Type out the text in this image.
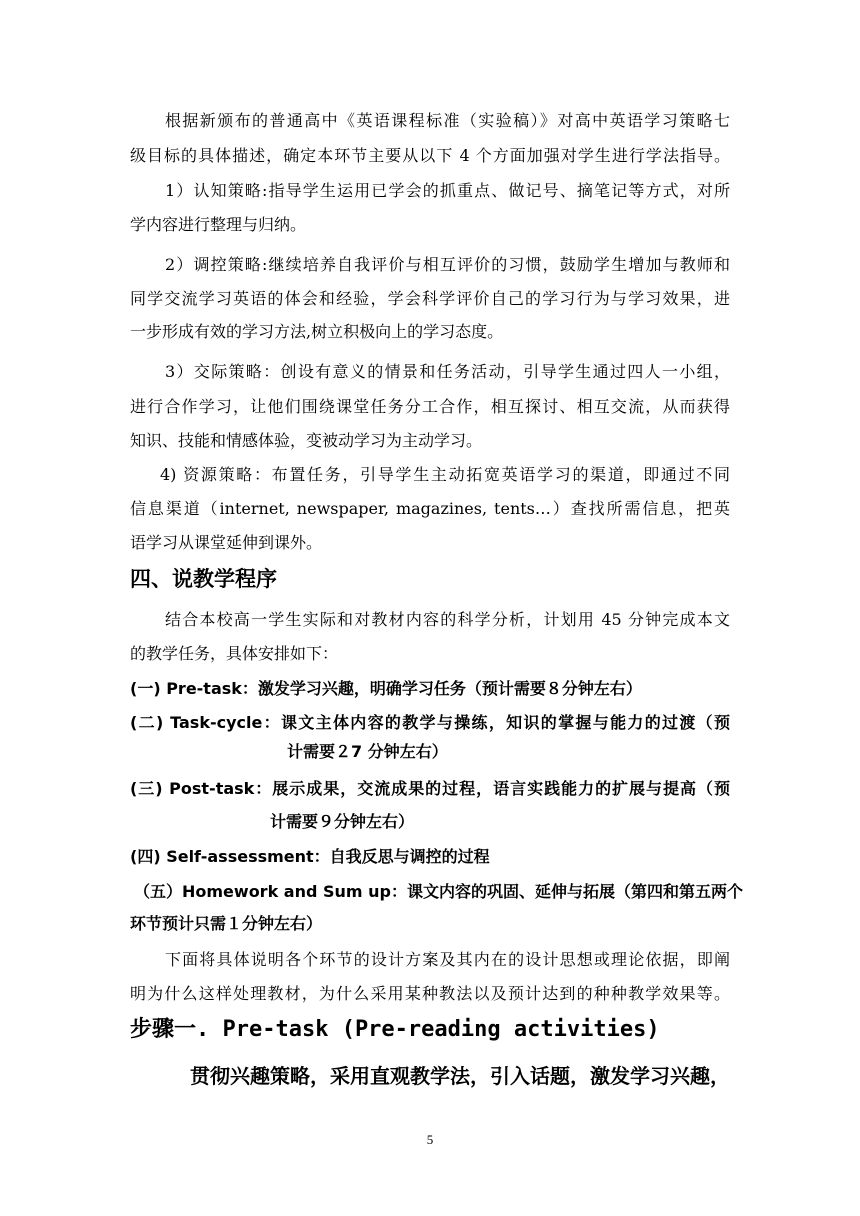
根据新颁布的普通高中《英语课程标准（实验稿）》对高中英语学习策略七
级目标的具体描述，确定本环节主要从以下 4 个方面加强对学生进行学法指导。
1）认知策略:指导学生运用已学会的抓重点、做记号、摘笔记等方式，对所
学内容进行整理与归纳。
2）调控策略:继续培养自我评价与相互评价的习惯，鼓励学生增加与教师和
同学交流学习英语的体会和经验，学会科学评价自己的学习行为与学习效果，进
一步形成有效的学习方法,树立积极向上的学习态度。
3）交际策略：创设有意义的情景和任务活动，引导学生通过四人一小组，
进行合作学习，让他们围绕课堂任务分工合作，相互探讨、相互交流，从而获得
知识、技能和情感体验，变被动学习为主动学习。
4) 资源策略：布置任务，引导学生主动拓宽英语学习的渠道，即通过不同
信息渠道（internet, newspaper, magazines, tents…）查找所需信息，把英
语学习从课堂延伸到课外。
四、说教学程序
结合本校高一学生实际和对教材内容的科学分析，计划用 45 分钟完成本文
的教学任务，具体安排如下：
(一) Pre-task：激发学习兴趣，明确学习任务（预计需要８分钟左右）
(二) Task-cycle：课文主体内容的教学与操练，知识的掌握与能力的过渡（预
计需要２7 分钟左右）
(三) Post-task：展示成果，交流成果的过程，语言实践能力的扩展与提高（预
计需要９分钟左右）
(四) Self-assessment：自我反思与调控的过程
（五）Homework and Sum up：课文内容的巩固、延伸与拓展（第四和第五两个
环节预计只需１分钟左右）
下面将具体说明各个环节的设计方案及其内在的设计思想或理论依据，即阐
明为什么这样处理教材，为什么采用某种教法以及预计达到的种种教学效果等。
步骤一. Pre-task (Pre-reading activities)
贯彻兴趣策略，采用直观教学法，引入话题，激发学习兴趣，
5
